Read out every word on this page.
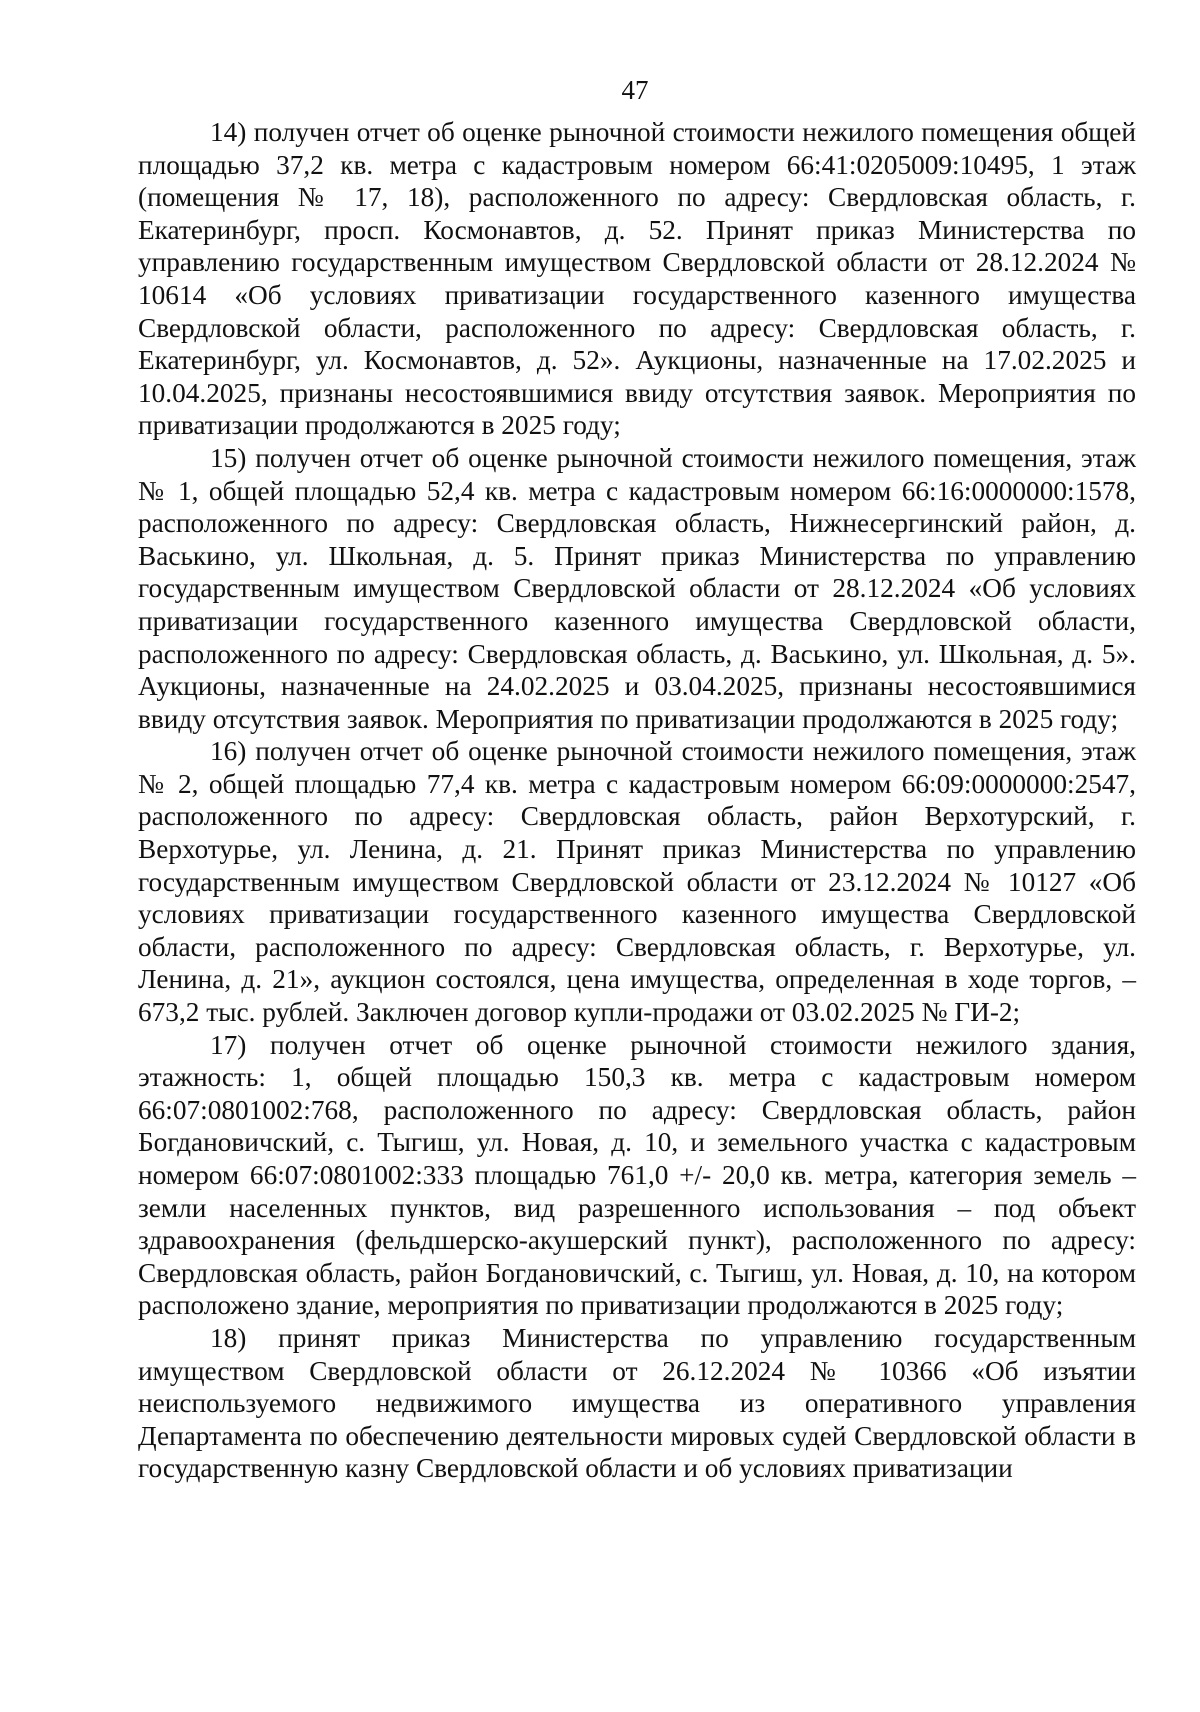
47

14) получен отчет об оценке рыночной стоимости нежилого помещения общей площадью 37,2 кв. метра с кадастровым номером 66:41:0205009:10495, 1 этаж (помещения № 17, 18), расположенного по адресу: Свердловская область, г. Екатеринбург, просп. Космонавтов, д. 52. Принят приказ Министерства по управлению государственным имуществом Свердловской области от 28.12.2024 № 10614 «Об условиях приватизации государственного казенного имущества Свердловской области, расположенного по адресу: Свердловская область, г. Екатеринбург, ул. Космонавтов, д. 52». Аукционы, назначенные на 17.02.2025 и 10.04.2025, признаны несостоявшимися ввиду отсутствия заявок. Мероприятия по приватизации продолжаются в 2025 году;

15) получен отчет об оценке рыночной стоимости нежилого помещения, этаж № 1, общей площадью 52,4 кв. метра с кадастровым номером 66:16:0000000:1578, расположенного по адресу: Свердловская область, Нижнесергинский район, д. Васькино, ул. Школьная, д. 5. Принят приказ Министерства по управлению государственным имуществом Свердловской области от 28.12.2024 «Об условиях приватизации государственного казенного имущества Свердловской области, расположенного по адресу: Свердловская область, д. Васькино, ул. Школьная, д. 5». Аукционы, назначенные на 24.02.2025 и 03.04.2025, признаны несостоявшимися ввиду отсутствия заявок. Мероприятия по приватизации продолжаются в 2025 году;

16) получен отчет об оценке рыночной стоимости нежилого помещения, этаж № 2, общей площадью 77,4 кв. метра с кадастровым номером 66:09:0000000:2547, расположенного по адресу: Свердловская область, район Верхотурский, г. Верхотурье, ул. Ленина, д. 21. Принят приказ Министерства по управлению государственным имуществом Свердловской области от 23.12.2024 № 10127 «Об условиях приватизации государственного казенного имущества Свердловской области, расположенного по адресу: Свердловская область, г. Верхотурье, ул. Ленина, д. 21», аукцион состоялся, цена имущества, определенная в ходе торгов, – 673,2 тыс. рублей. Заключен договор купли-продажи от 03.02.2025 № ГИ-2;

17) получен отчет об оценке рыночной стоимости нежилого здания, этажность: 1, общей площадью 150,3 кв. метра с кадастровым номером 66:07:0801002:768, расположенного по адресу: Свердловская область, район Богдановичский, с. Тыгиш, ул. Новая, д. 10, и земельного участка с кадастровым номером 66:07:0801002:333 площадью 761,0 +/- 20,0 кв. метра, категория земель – земли населенных пунктов, вид разрешенного использования – под объект здравоохранения (фельдшерско-акушерский пункт), расположенного по адресу: Свердловская область, район Богдановичский, с. Тыгиш, ул. Новая, д. 10, на котором расположено здание, мероприятия по приватизации продолжаются в 2025 году;

18) принят приказ Министерства по управлению государственным имуществом Свердловской области от 26.12.2024 № 10366 «Об изъятии неиспользуемого недвижимого имущества из оперативного управления Департамента по обеспечению деятельности мировых судей Свердловской области в государственную казну Свердловской области и об условиях приватизации
